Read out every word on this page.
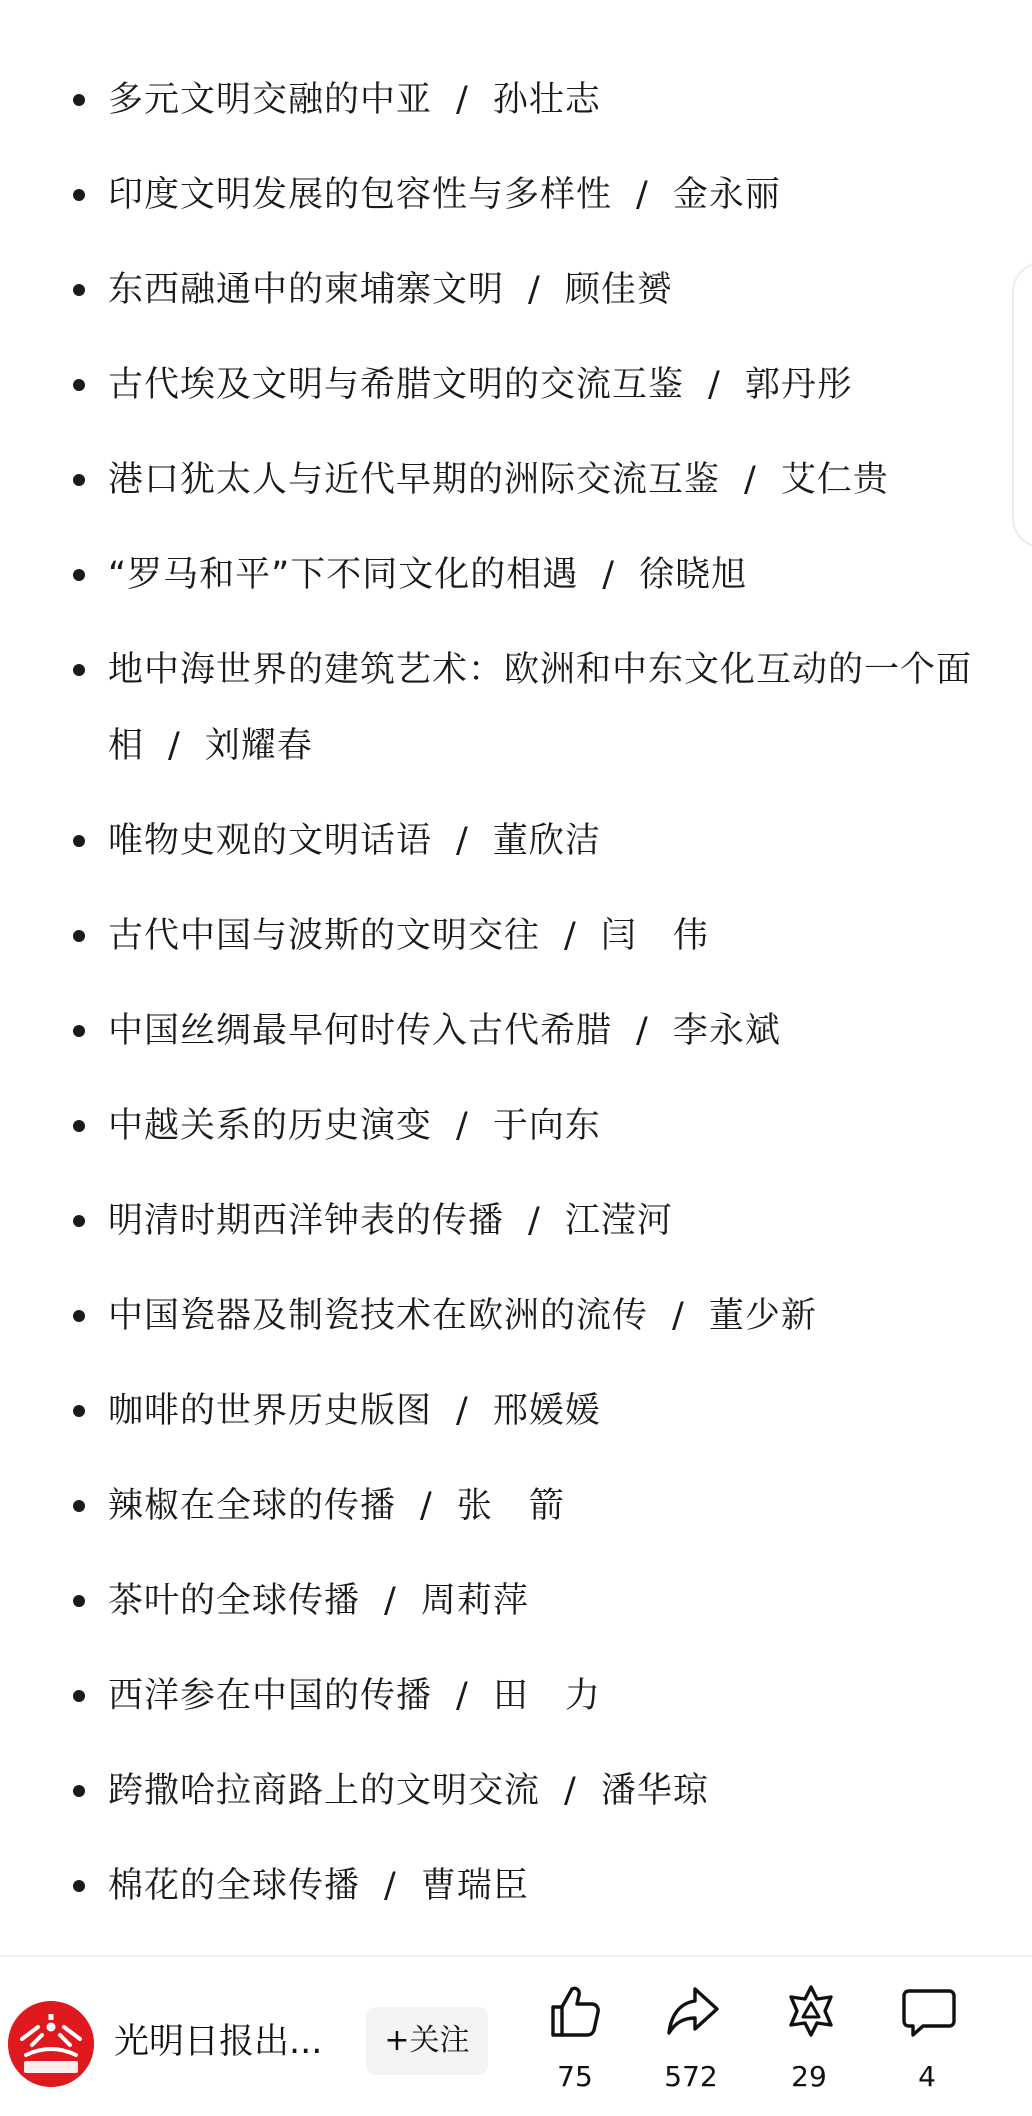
多元文明交融的中亚 / 孙壮志
印度文明发展的包容性与多样性 / 金永丽
东西融通中的柬埔寨文明 / 顾佳赟
古代埃及文明与希腊文明的交流互鉴 / 郭丹彤
港口犹太人与近代早期的洲际交流互鉴 / 艾仁贵
“罗马和平”下不同文化的相遇 / 徐晓旭
地中海世界的建筑艺术：欧洲和中东文化互动的一个面相 / 刘耀春
唯物史观的文明话语 / 董欣洁
古代中国与波斯的文明交往 / 闫　伟
中国丝绸最早何时传入古代希腊 / 李永斌
中越关系的历史演变 / 于向东
明清时期西洋钟表的传播 / 江滢河
中国瓷器及制瓷技术在欧洲的流传 / 董少新
咖啡的世界历史版图 / 邢媛媛
辣椒在全球的传播 / 张　箭
茶叶的全球传播 / 周莉萍
西洋参在中国的传播 / 田　力
跨撒哈拉商路上的文明交流 / 潘华琼
棉花的全球传播 / 曹瑞臣
光明日报出...	+关注
75	572	29	4
